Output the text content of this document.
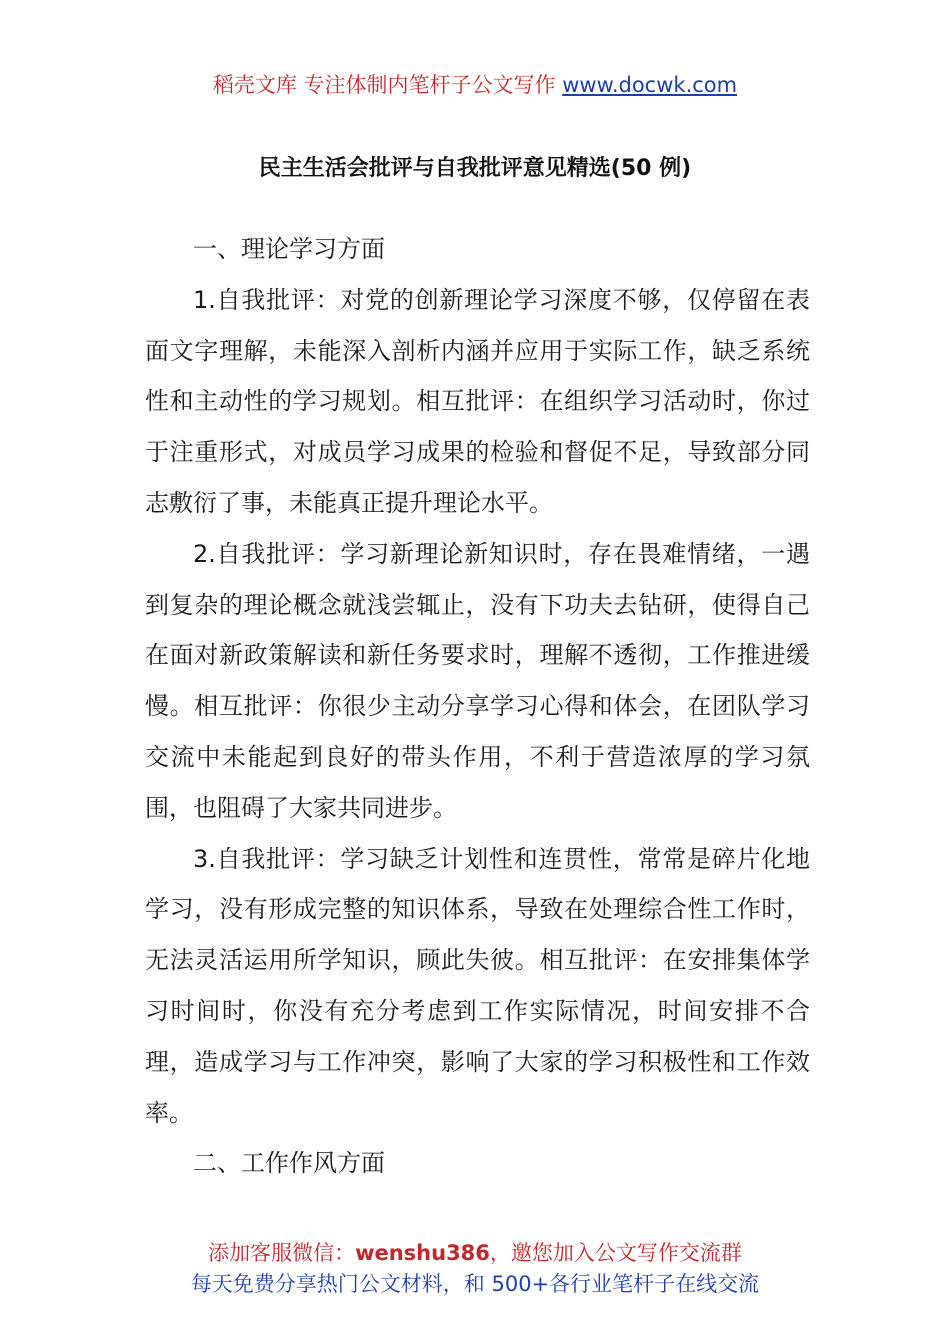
稻壳文库 专注体制内笔杆子公文写作 www.docwk.com
民主生活会批评与自我批评意见精选(50 例)

一、理论学习方面

1.自我批评：对党的创新理论学习深度不够，仅停留在表面文字理解，未能深入剖析内涵并应用于实际工作，缺乏系统性和主动性的学习规划。相互批评：在组织学习活动时，你过于注重形式，对成员学习成果的检验和督促不足，导致部分同志敷衍了事，未能真正提升理论水平。

2.自我批评：学习新理论新知识时，存在畏难情绪，一遇到复杂的理论概念就浅尝辄止，没有下功夫去钻研，使得自己在面对新政策解读和新任务要求时，理解不透彻，工作推进缓慢。相互批评：你很少主动分享学习心得和体会，在团队学习交流中未能起到良好的带头作用，不利于营造浓厚的学习氛围，也阻碍了大家共同进步。

3.自我批评：学习缺乏计划性和连贯性，常常是碎片化地学习，没有形成完整的知识体系，导致在处理综合性工作时，无法灵活运用所学知识，顾此失彼。相互批评：在安排集体学习时间时，你没有充分考虑到工作实际情况，时间安排不合理，造成学习与工作冲突，影响了大家的学习积极性和工作效率。

二、工作作风方面

添加客服微信：wenshu386，邀您加入公文写作交流群
每天免费分享热门公文材料，和 500+各行业笔杆子在线交流
